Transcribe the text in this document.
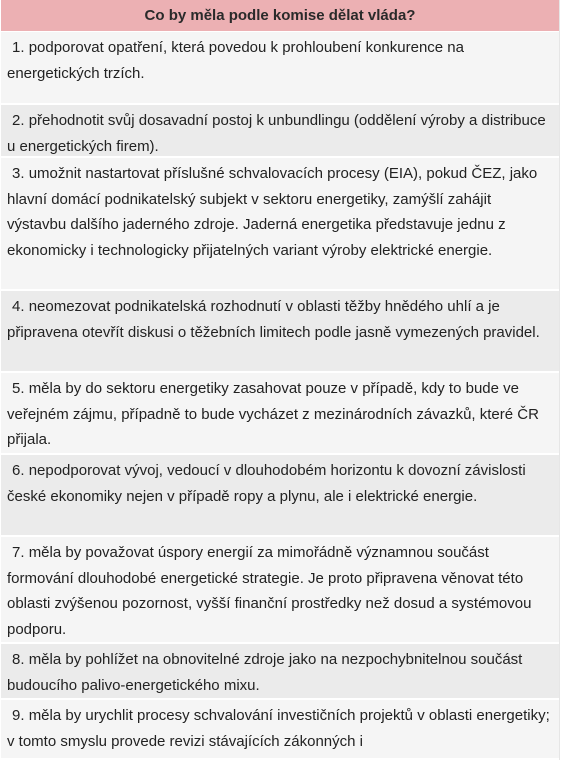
Co by měla podle komise dělat vláda?
1. podporovat opatření, která povedou k prohloubení konkurence na energetických trzích.
2. přehodnotit svůj dosavadní postoj k unbundlingu (oddělení výroby a distribuce u energetických firem).
3. umožnit nastartovat příslušné schvalovacích procesy (EIA), pokud ČEZ, jako hlavní domácí podnikatelský subjekt v sektoru energetiky, zamýšlí zahájit výstavbu dalšího jaderného zdroje. Jaderná energetika představuje jednu z ekonomicky i technologicky přijatelných variant výroby elektrické energie.
4. neomezovat podnikatelská rozhodnutí v oblasti těžby hnědého uhlí a je připravena otevřít diskusi o těžebních limitech podle jasně vymezených pravidel.
5. měla by do sektoru energetiky zasahovat pouze v případě, kdy to bude ve veřejném zájmu, případně to bude vycházet z mezinárodních závazků, které ČR přijala.
6. nepodporovat vývoj, vedoucí v dlouhodobém horizontu k dovozní závislosti české ekonomiky nejen v případě ropy a plynu, ale i elektrické energie.
7. měla by považovat úspory energií za mimořádně významnou součást formování dlouhodobé energetické strategie. Je proto připravena věnovat této oblasti zvýšenou pozornost, vyšší finanční prostředky než dosud a systémovou podporu.
8. měla by pohlížet na obnovitelné zdroje jako na nezpochybnitelnou součást budoucího palivo-energetického mixu.
9. měla by urychlit procesy schvalování investičních projektů v oblasti energetiky; v tomto smyslu provede revizi stávajících zákonných i
